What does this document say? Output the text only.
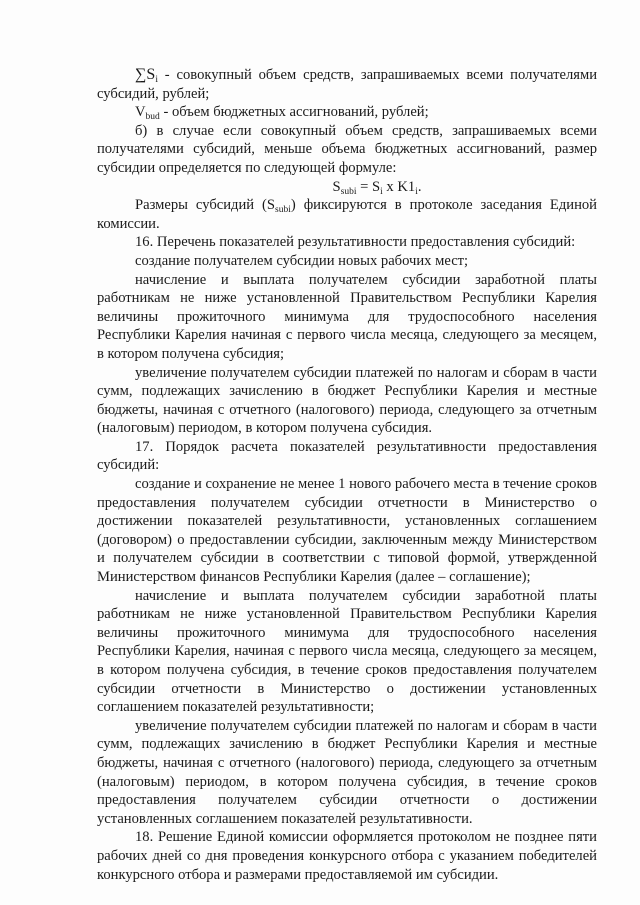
$\sum S_i$ - совокупный объем средств, запрашиваемых всеми получателями субсидий, рублей;

$V_{bud}$ - объем бюджетных ассигнований, рублей;

б) в случае если совокупный объем средств, запрашиваемых всеми получателями субсидий, меньше объема бюджетных ассигнований, размер субсидии определяется по следующей формуле:

$S_{subi} = S_i$ x $K1_i$.

Размеры субсидий $(S_{subi})$ фиксируются в протоколе заседания Единой комиссии.

16. Перечень показателей результативности предоставления субсидий:

создание получателем субсидии новых рабочих мест;

начисление и выплата получателем субсидии заработной платы работникам не ниже установленной Правительством Республики Карелия величины прожиточного минимума для трудоспособного населения Республики Карелия начиная с первого числа месяца, следующего за месяцем, в котором получена субсидия;

увеличение получателем субсидии платежей по налогам и сборам в части сумм, подлежащих зачислению в бюджет Республики Карелия и местные бюджеты, начиная с отчетного (налогового) периода, следующего за отчетным (налоговым) периодом, в котором получена субсидия.

17. Порядок расчета показателей результативности предоставления субсидий:

создание и сохранение не менее 1 нового рабочего места в течение сроков предоставления получателем субсидии отчетности в Министерство о достижении показателей результативности, установленных соглашением (договором) о предоставлении субсидии, заключенным между Министерством и получателем субсидии в соответствии с типовой формой, утвержденной Министерством финансов Республики Карелия (далее – соглашение);

начисление и выплата получателем субсидии заработной платы работникам не ниже установленной Правительством Республики Карелия величины прожиточного минимума для трудоспособного населения Республики Карелия, начиная с первого числа месяца, следующего за месяцем, в котором получена субсидия, в течение сроков предоставления получателем субсидии отчетности в Министерство о достижении установленных соглашением показателей результативности;

увеличение получателем субсидии платежей по налогам и сборам в части сумм, подлежащих зачислению в бюджет Республики Карелия и местные бюджеты, начиная с отчетного (налогового) периода, следующего за отчетным (налоговым) периодом, в котором получена субсидия, в течение сроков предоставления получателем субсидии отчетности о достижении установленных соглашением показателей результативности.

18. Решение Единой комиссии оформляется протоколом не позднее пяти рабочих дней со дня проведения конкурсного отбора с указанием победителей конкурсного отбора и размерами предоставляемой им субсидии.
